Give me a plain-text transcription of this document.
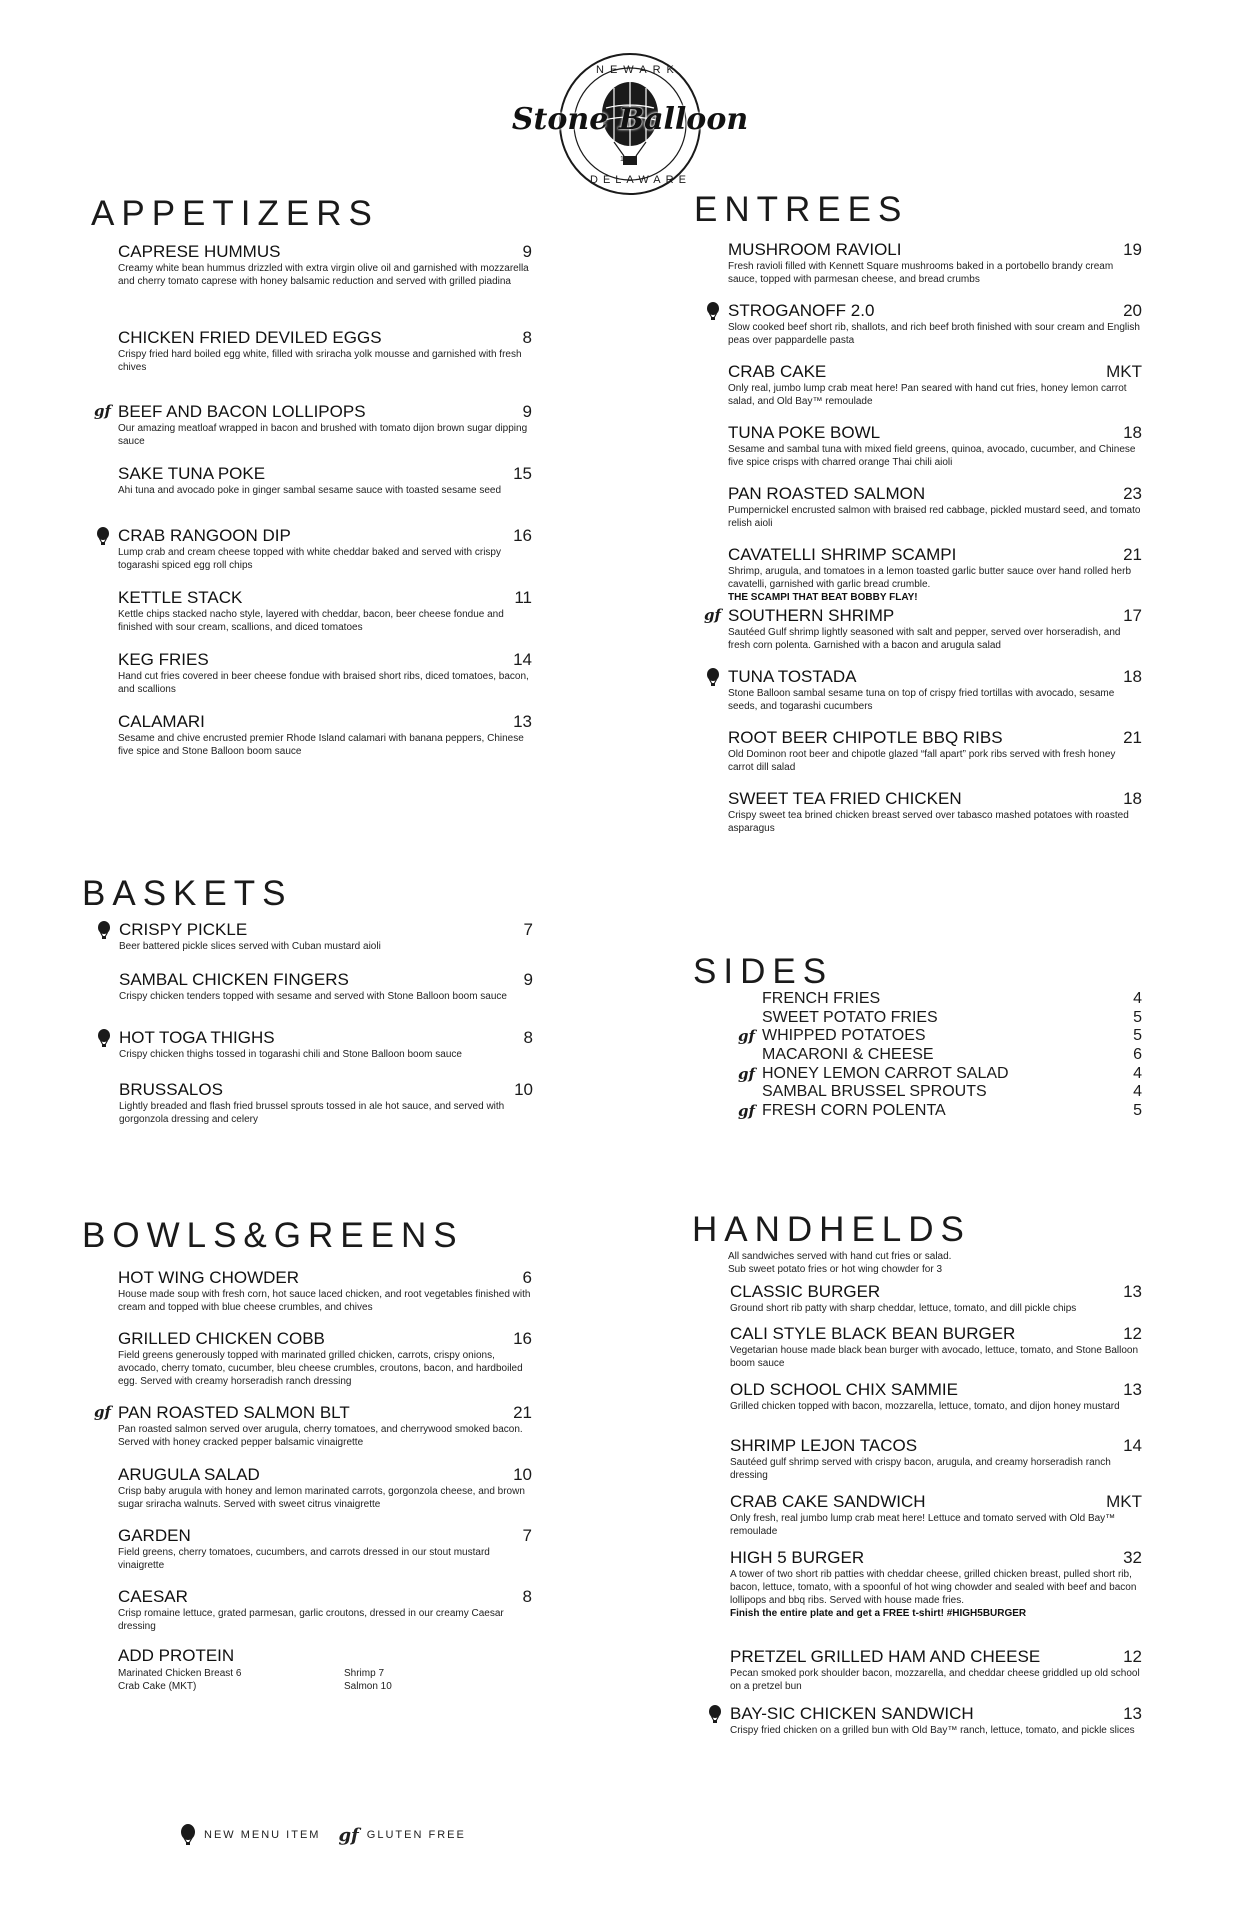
NEWARK
Stone Balloon
1972
DELAWARE
APPETIZERS	ENTREES
BASKETS
SIDES
BOWLS&GREENS	HANDHELDS
CAPRESE HUMMUS	9
Creamy white bean hummus drizzled with extra virgin olive oil and garnished with mozzarella and cherry tomato caprese with honey balsamic reduction and served with grilled piadina
CHICKEN FRIED DEVILED EGGS	8
Crispy fried hard boiled egg white, filled with sriracha yolk mousse and garnished with fresh chives
gf BEEF AND BACON LOLLIPOPS	9
Our amazing meatloaf wrapped in bacon and brushed with tomato dijon brown sugar dipping sauce
SAKE TUNA POKE	15
Ahi tuna and avocado poke in ginger sambal sesame sauce with toasted sesame seed
CRAB RANGOON DIP	16
Lump crab and cream cheese topped with white cheddar baked and served with crispy togarashi spiced egg roll chips
KETTLE STACK	11
Kettle chips stacked nacho style, layered with cheddar, bacon, beer cheese fondue and finished with sour cream, scallions, and diced tomatoes
KEG FRIES	14
Hand cut fries covered in beer cheese fondue with braised short ribs, diced tomatoes, bacon, and scallions
CALAMARI	13
Sesame and chive encrusted premier Rhode Island calamari with banana peppers, Chinese five spice and Stone Balloon boom sauce
MUSHROOM RAVIOLI	19
Fresh ravioli filled with Kennett Square mushrooms baked in a portobello brandy cream sauce, topped with parmesan cheese, and bread crumbs
STROGANOFF 2.0	20
Slow cooked beef short rib, shallots, and rich beef broth finished with sour cream and English peas over pappardelle pasta
CRAB CAKE	MKT
Only real, jumbo lump crab meat here! Pan seared with hand cut fries, honey lemon carrot salad, and Old Bay™ remoulade
TUNA POKE BOWL	18
Sesame and sambal tuna with mixed field greens, quinoa, avocado, cucumber, and Chinese five spice crisps with charred orange Thai chili aioli
PAN ROASTED SALMON	23
Pumpernickel encrusted salmon with braised red cabbage, pickled mustard seed, and tomato relish aioli
CAVATELLI SHRIMP SCAMPI	21
Shrimp, arugula, and tomatoes in a lemon toasted garlic butter sauce over hand rolled herb cavatelli, garnished with garlic bread crumble.
THE SCAMPI THAT BEAT BOBBY FLAY!
gf SOUTHERN SHRIMP	17
Sautéed Gulf shrimp lightly seasoned with salt and pepper, served over horseradish, and fresh corn polenta. Garnished with a bacon and arugula salad
TUNA TOSTADA	18
Stone Balloon sambal sesame tuna on top of crispy fried tortillas with avocado, sesame seeds, and togarashi cucumbers
ROOT BEER CHIPOTLE BBQ RIBS	21
Old Dominon root beer and chipotle glazed “fall apart” pork ribs served with fresh honey carrot dill salad
SWEET TEA FRIED CHICKEN	18
Crispy sweet tea brined chicken breast served over tabasco mashed potatoes with roasted asparagus
CRISPY PICKLE	7
Beer battered pickle slices served with Cuban mustard aioli
SAMBAL CHICKEN FINGERS	9
Crispy chicken tenders topped with sesame and served with Stone Balloon boom sauce
HOT TOGA THIGHS	8
Crispy chicken thighs tossed in togarashi chili and Stone Balloon boom sauce
BRUSSALOS	10
Lightly breaded and flash fried brussel sprouts tossed in ale hot sauce, and served with gorgonzola dressing and celery
FRENCH FRIES	4
SWEET POTATO FRIES	5
gf WHIPPED POTATOES	5
MACARONI & CHEESE	6
gf HONEY LEMON CARROT SALAD	4
SAMBAL BRUSSEL SPROUTS	4
gf FRESH CORN POLENTA	5
HOT WING CHOWDER	6
House made soup with fresh corn, hot sauce laced chicken, and root vegetables finished with cream and topped with blue cheese crumbles, and chives
GRILLED CHICKEN COBB	16
Field greens generously topped with marinated grilled chicken, carrots, crispy onions, avocado, cherry tomato, cucumber, bleu cheese crumbles, croutons, bacon, and hardboiled egg. Served with creamy horseradish ranch dressing
gf PAN ROASTED SALMON BLT	21
Pan roasted salmon served over arugula, cherry tomatoes, and cherrywood smoked bacon. Served with honey cracked pepper balsamic vinaigrette
ARUGULA SALAD	10
Crisp baby arugula with honey and lemon marinated carrots, gorgonzola cheese, and brown sugar sriracha walnuts. Served with sweet citrus vinaigrette
GARDEN	7
Field greens, cherry tomatoes, cucumbers, and carrots dressed in our stout mustard vinaigrette
CAESAR	8
Crisp romaine lettuce, grated parmesan, garlic croutons, dressed in our creamy Caesar dressing
ADD PROTEIN
Marinated Chicken Breast 6	Shrimp 7
Crab Cake (MKT)	Salmon 10
All sandwiches served with hand cut fries or salad.
Sub sweet potato fries or hot wing chowder for 3
CLASSIC BURGER	13
Ground short rib patty with sharp cheddar, lettuce, tomato, and dill pickle chips
CALI STYLE BLACK BEAN BURGER	12
Vegetarian house made black bean burger with avocado, lettuce, tomato, and Stone Balloon boom sauce
OLD SCHOOL CHIX SAMMIE	13
Grilled chicken topped with bacon, mozzarella, lettuce, tomato, and dijon honey mustard
SHRIMP LEJON TACOS	14
Sautéed gulf shrimp served with crispy bacon, arugula, and creamy horseradish ranch dressing
CRAB CAKE SANDWICH	MKT
Only fresh, real jumbo lump crab meat here! Lettuce and tomato served with Old Bay™ remoulade
HIGH 5 BURGER	32
A tower of two short rib patties with cheddar cheese, grilled chicken breast, pulled short rib, bacon, lettuce, tomato, with a spoonful of hot wing chowder and sealed with beef and bacon lollipops and bbq ribs. Served with house made fries.
Finish the entire plate and get a FREE t-shirt! #HIGH5BURGER
PRETZEL GRILLED HAM AND CHEESE	12
Pecan smoked pork shoulder bacon, mozzarella, and cheddar cheese griddled up old school on a pretzel bun
BAY-SIC CHICKEN SANDWICH	13
Crispy fried chicken on a grilled bun with Old Bay™ ranch, lettuce, tomato, and pickle slices
NEW MENU ITEM gf GLUTEN FREE
